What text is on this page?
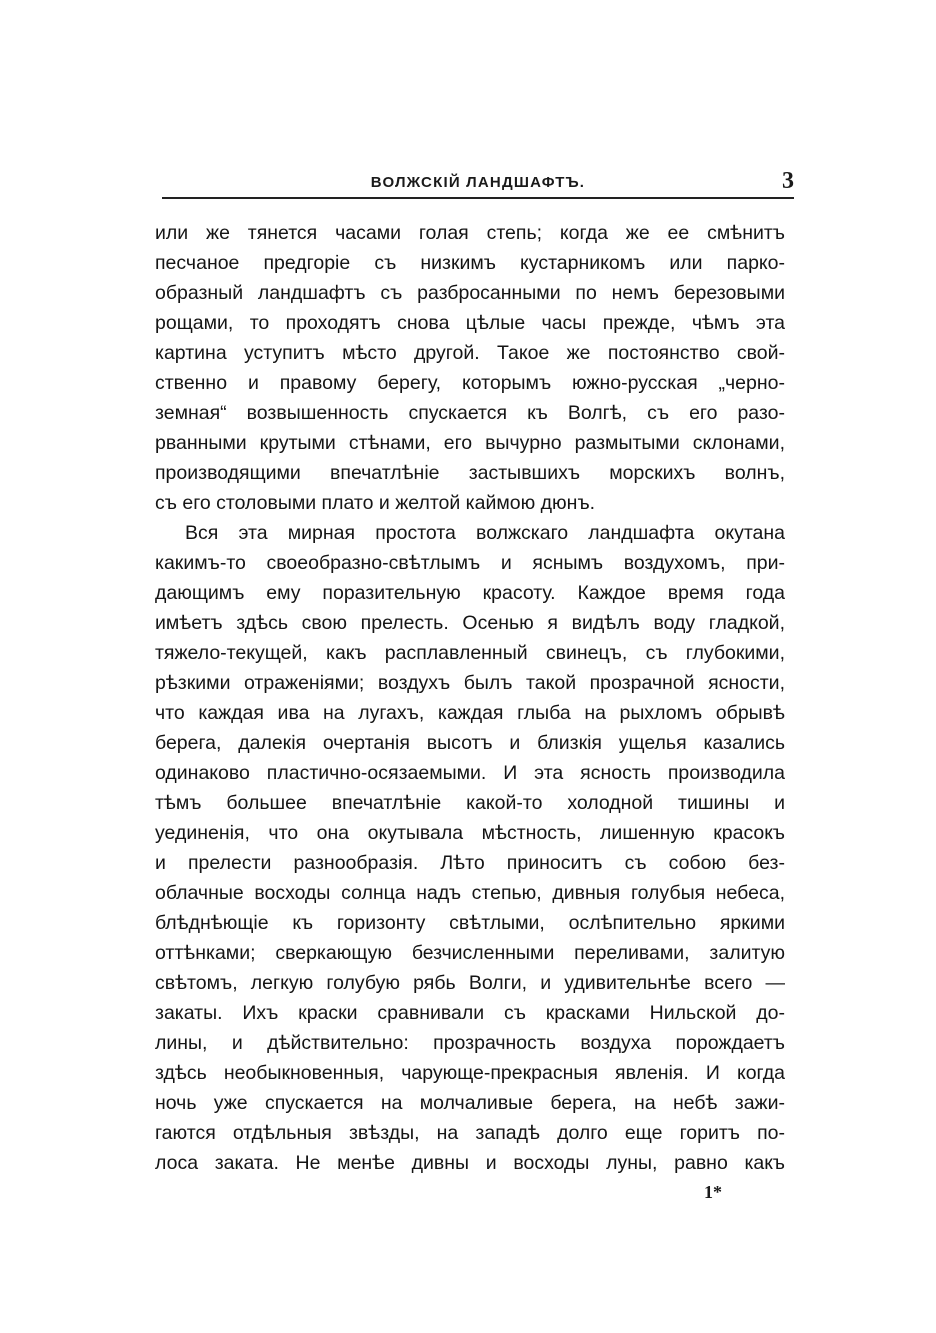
ВОЛЖСКІЙ ЛАНДШАФТЪ.	3
или же тянется часами голая степь; когда же ее смѣнитъ
песчаное предгоріе съ низкимъ кустарникомъ или парко-
образный ландшафтъ съ разбросанными по немъ березовыми
рощами, то проходятъ снова цѣлые часы прежде, чѣмъ эта
картина уступитъ мѣсто другой. Такое же постоянство свой-
ственно и правому берегу, которымъ южно-русская „черно-
земная“ возвышенность спускается къ Волгѣ, съ его разо-
рванными крутыми стѣнами, его вычурно размытыми склонами,
производящими впечатлѣніе застывшихъ морскихъ волнъ,
съ его столовыми плато и желтой каймою дюнъ.
Вся эта мирная простота волжскаго ландшафта окутана
какимъ-то своеобразно-свѣтлымъ и яснымъ воздухомъ, при-
дающимъ ему поразительную красоту. Каждое время года
имѣетъ здѣсь свою прелесть. Осенью я видѣлъ воду гладкой,
тяжело-текущей, какъ расплавленный свинецъ, съ глубокими,
рѣзкими отраженіями; воздухъ былъ такой прозрачной ясности,
что каждая ива на лугахъ, каждая глыба на рыхломъ обрывѣ
берега, далекія очертанія высотъ и близкія ущелья казались
одинаково пластично-осязаемыми. И эта ясность производила
тѣмъ большее впечатлѣніе какой-то холодной тишины и
уединенія, что она окутывала мѣстность, лишенную красокъ
и прелести разнообразія. Лѣто приноситъ съ собою без-
облачные восходы солнца надъ степью, дивныя голубыя небеса,
блѣднѣющіе къ горизонту свѣтлыми, ослѣпительно яркими
оттѣнками; сверкающую безчисленными переливами, залитую
свѣтомъ, легкую голубую рябь Волги, и удивительнѣе всего —
закаты. Ихъ краски сравнивали съ красками Нильской до-
лины, и дѣйствительно: прозрачность воздуха порождаетъ
здѣсь необыкновенныя, чарующе-прекрасныя явленія. И когда
ночь уже спускается на молчаливые берега, на небѣ зажи-
гаются отдѣльныя звѣзды, на западѣ долго еще горитъ по-
лоса заката. Не менѣе дивны и восходы луны, равно какъ
1*
